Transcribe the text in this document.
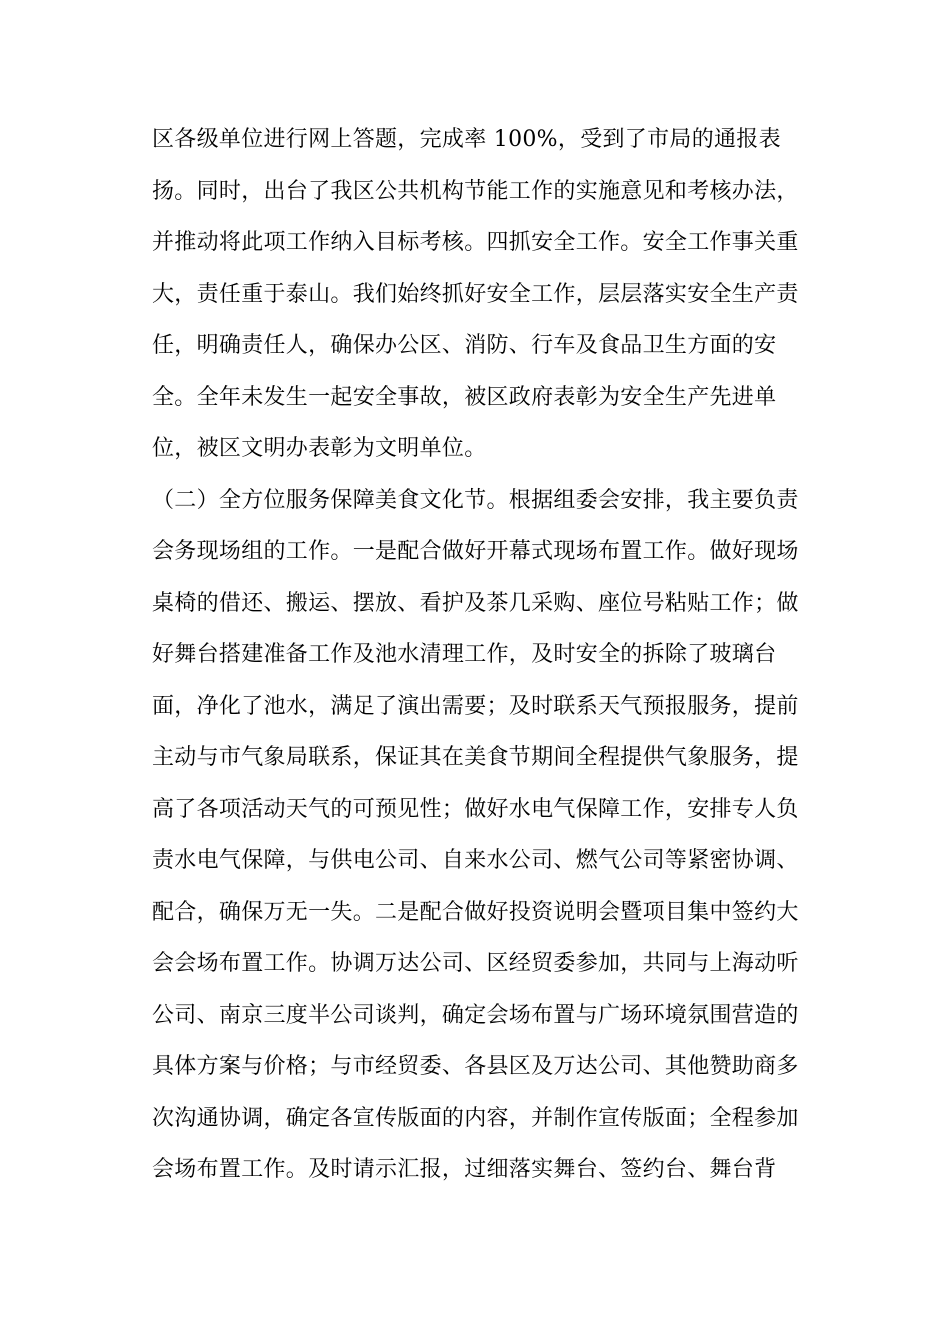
区各级单位进行网上答题，完成率 100%，受到了市局的通报表
扬。同时，出台了我区公共机构节能工作的实施意见和考核办法，
并推动将此项工作纳入目标考核。四抓安全工作。安全工作事关重
大，责任重于泰山。我们始终抓好安全工作，层层落实安全生产责
任，明确责任人，确保办公区、消防、行车及食品卫生方面的安
全。全年未发生一起安全事故，被区政府表彰为安全生产先进单
位，被区文明办表彰为文明单位。
（二）全方位服务保障美食文化节。根据组委会安排，我主要负责
会务现场组的工作。一是配合做好开幕式现场布置工作。做好现场
桌椅的借还、搬运、摆放、看护及茶几采购、座位号粘贴工作；做
好舞台搭建准备工作及池水清理工作，及时安全的拆除了玻璃台
面，净化了池水，满足了演出需要；及时联系天气预报服务，提前
主动与市气象局联系，保证其在美食节期间全程提供气象服务，提
高了各项活动天气的可预见性；做好水电气保障工作，安排专人负
责水电气保障，与供电公司、自来水公司、燃气公司等紧密协调、
配合，确保万无一失。二是配合做好投资说明会暨项目集中签约大
会会场布置工作。协调万达公司、区经贸委参加，共同与上海动听
公司、南京三度半公司谈判，确定会场布置与广场环境氛围营造的
具体方案与价格；与市经贸委、各县区及万达公司、其他赞助商多
次沟通协调，确定各宣传版面的内容，并制作宣传版面；全程参加
会场布置工作。及时请示汇报，过细落实舞台、签约台、舞台背
